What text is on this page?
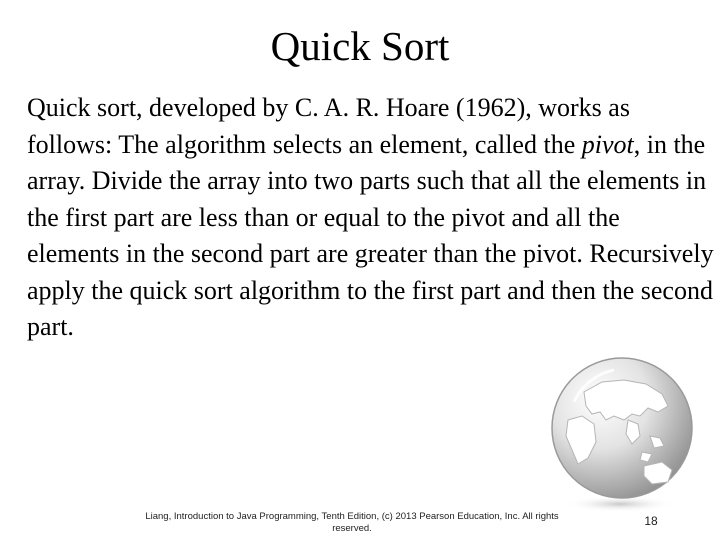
Quick Sort

Quick sort, developed by C. A. R. Hoare (1962), works as follows: The algorithm selects an element, called the pivot, in the array. Divide the array into two parts such that all the elements in the first part are less than or equal to the pivot and all the elements in the second part are greater than the pivot. Recursively apply the quick sort algorithm to the first part and then the second part.

Liang, Introduction to Java Programming, Tenth Edition, (c) 2013 Pearson Education, Inc. All rights reserved.
18
